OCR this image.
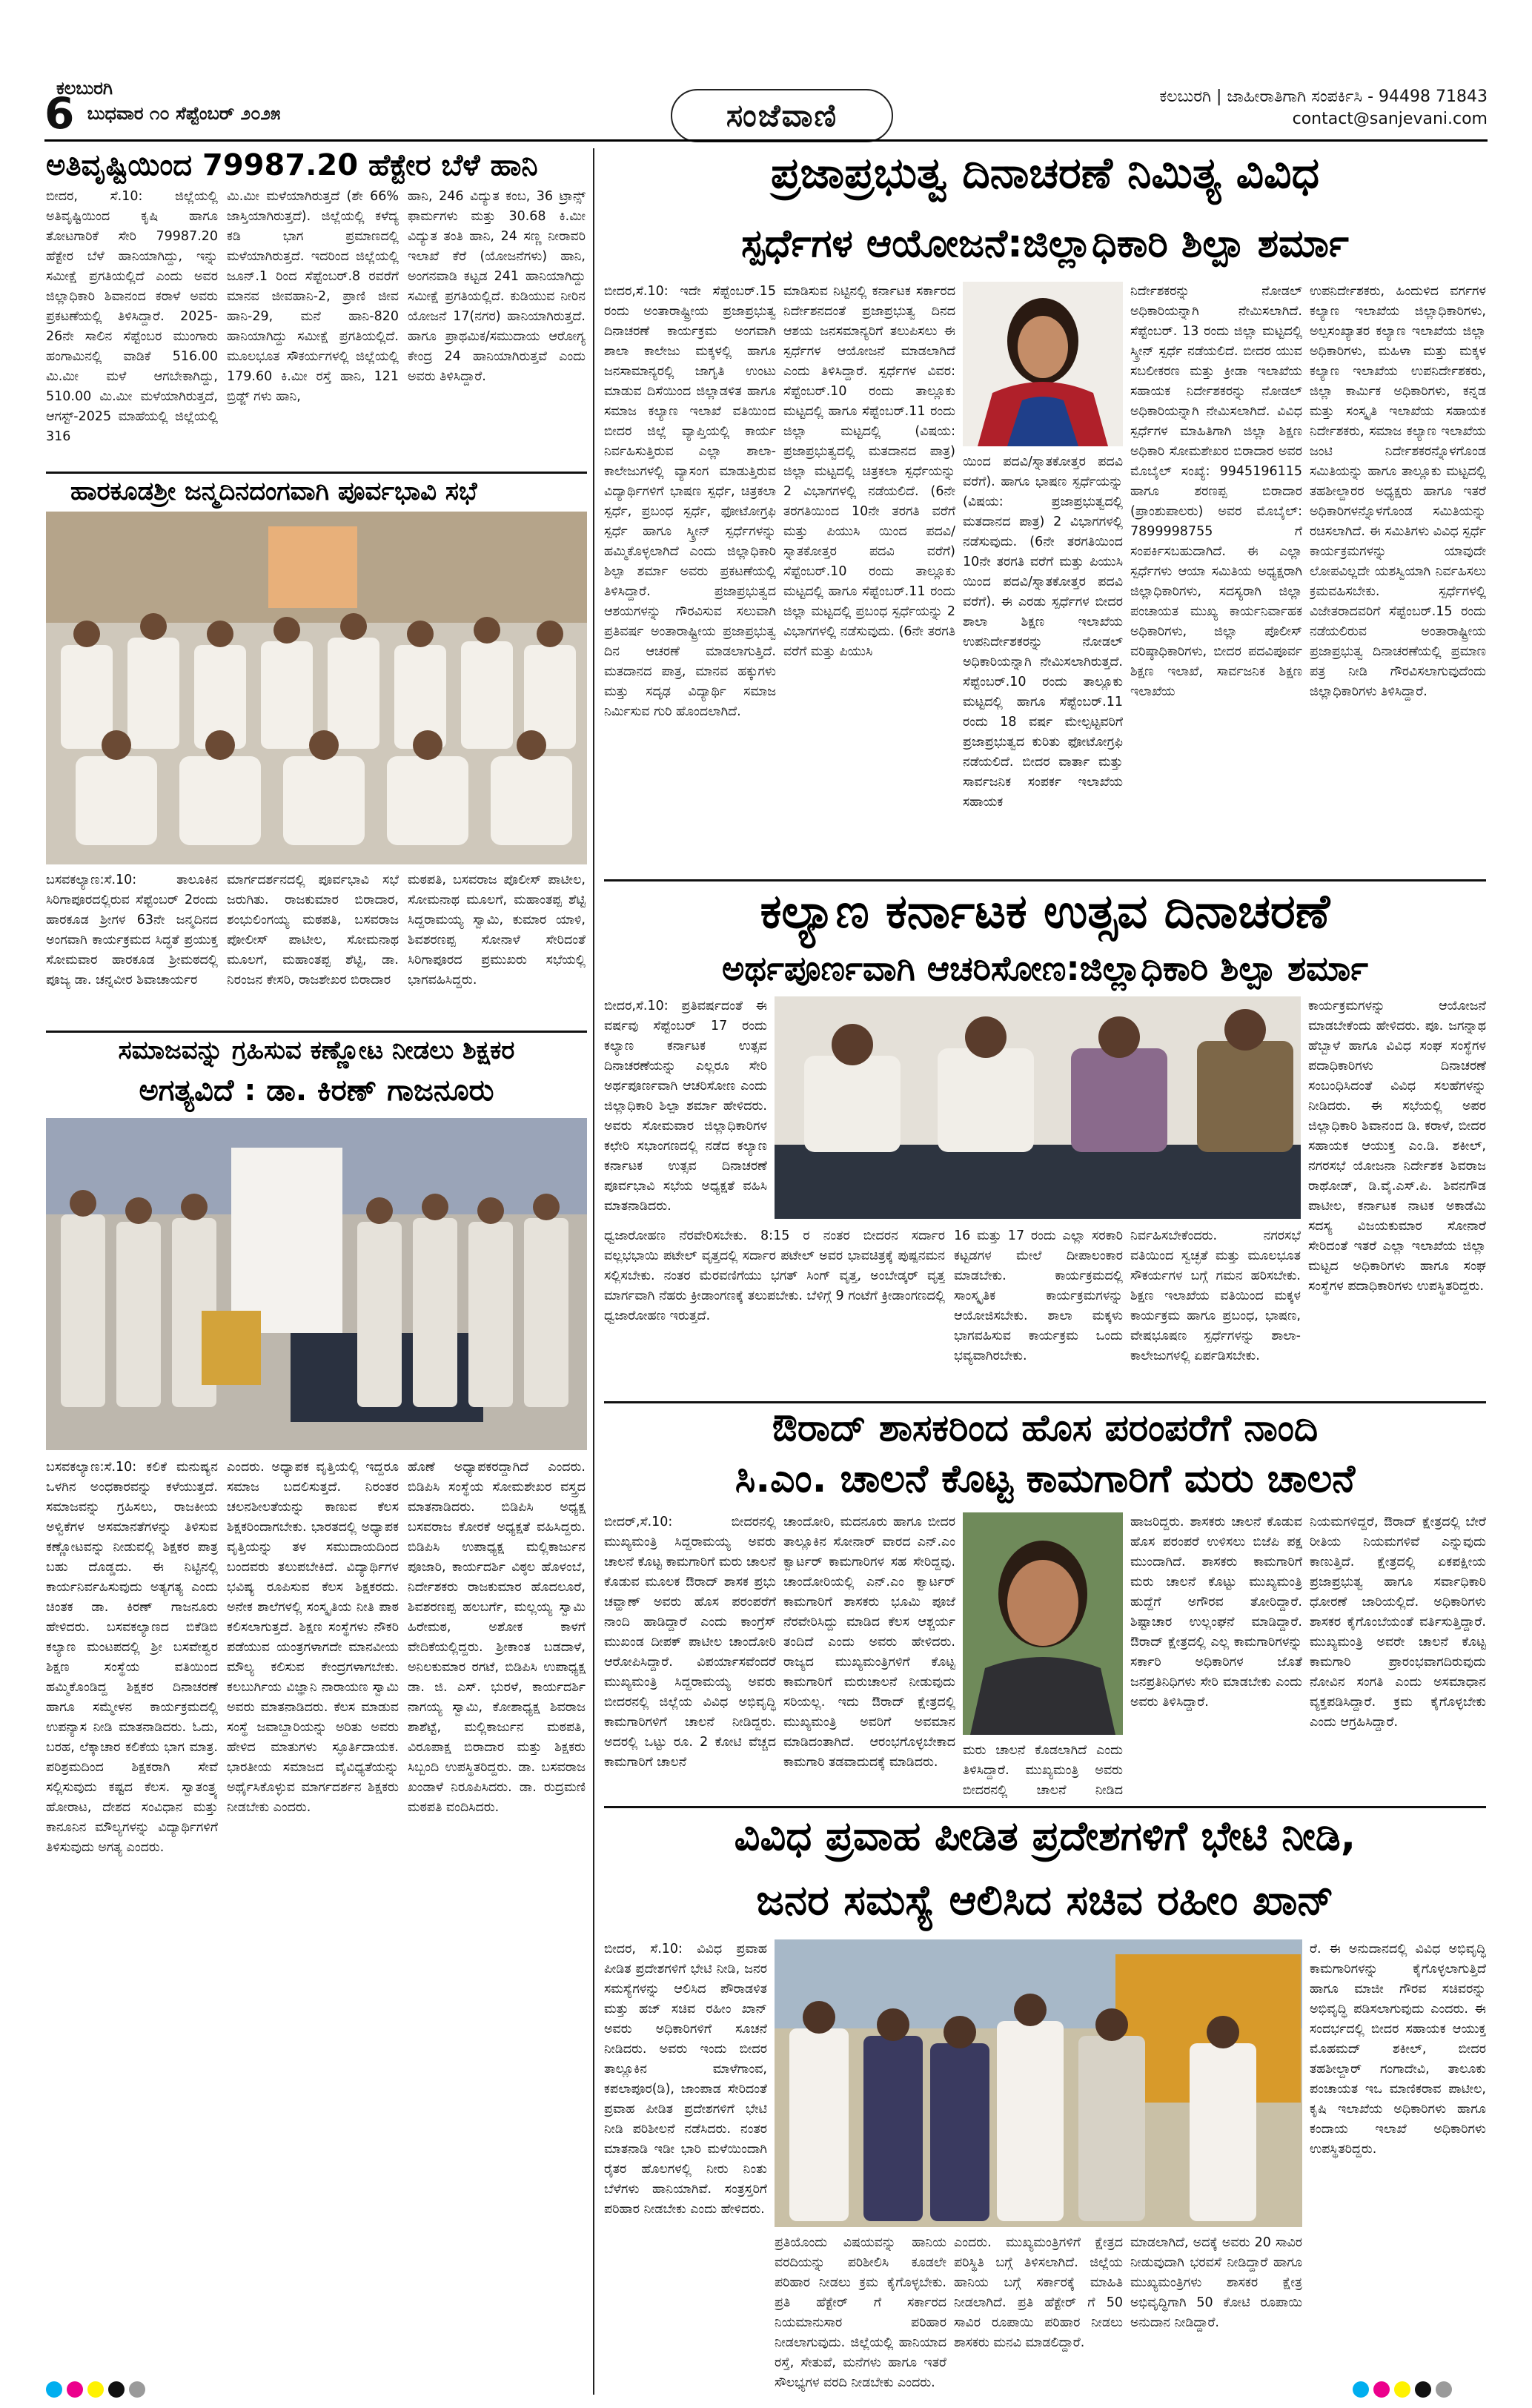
ಕಲಬುರಗಿ
6 ಬುಧವಾರ ೧೦ ಸೆಪ್ಟೆಂಬರ್ ೨೦೨೫	ಸಂಜೆವಾಣಿ
ಕಲಬುರಗಿ | ಜಾಹೀರಾತಿಗಾಗಿ ಸಂಪರ್ಕಿಸಿ - 94498 71843
contact@sanjevani.com
ಅತಿವೃಷ್ಟಿಯಿಂದ 79987.20 ಹೆಕ್ಟೇರ ಬೆಳೆ ಹಾನಿ
ಬೀದರ, ಸೆ.10: ಜಿಲ್ಲೆಯಲ್ಲಿ ಅತಿವೃಷ್ಟಿಯಿಂದ ಕೃಷಿ ಹಾಗೂ ತೋಟಗಾರಿಕೆ ಸೇರಿ 79987.20 ಹೆಕ್ಟೇರ ಬೆಳೆ ಹಾನಿಯಾಗಿದ್ದು, ಇನ್ನು ಸಮೀಕ್ಷೆ ಪ್ರಗತಿಯಲ್ಲಿದೆ ಎಂದು ಅವರ ಜಿಲ್ಲಾಧಿಕಾರಿ ಶಿವಾನಂದ ಕರಾಳೆ ಅವರು ಪ್ರಕಟಣೆಯಲ್ಲಿ ತಿಳಿಸಿದ್ದಾರೆ. 2025-26ನೇ ಸಾಲಿನ ಸೆಪ್ಟೆಂಬರ ಮುಂಗಾರು ಹಂಗಾಮಿನಲ್ಲಿ ವಾಡಿಕೆ 516.00 ಮಿ.ಮೀ ಮಳೆ ಆಗಬೇಕಾಗಿದ್ದು, 510.00 ಮಿ.ಮೀ ಮಳೆಯಾಗಿರುತ್ತದೆ, ಆಗಸ್ಟ್-2025 ಮಾಹೆಯಲ್ಲಿ ಜಿಲ್ಲೆಯಲ್ಲಿ 316
ಮಿ.ಮೀ ಮಳೆಯಾಗಿರುತ್ತದೆ (ಶೇ 66% ಜಾಸ್ತಿಯಾಗಿರುತ್ತದೆ). ಜಿಲ್ಲೆಯಲ್ಲಿ ಕಳೆದ್ಯ ಕಡಿ ಭಾಗ ಪ್ರಮಾಣದಲ್ಲಿ ಮಳೆಯಾಗಿರುತ್ತದೆ. ಇದರಿಂದ ಜಿಲ್ಲೆಯಲ್ಲಿ ಜೂನ್.1 ರಿಂದ ಸೆಪ್ಟೆಂಬರ್.8 ರವರೆಗೆ ಮಾನವ ಜೀವಹಾನಿ-2, ಪ್ರಾಣಿ ಜೀವ ಹಾನಿ-29, ಮನೆ ಹಾನಿ-820 ಹಾನಿಯಾಗಿದ್ದು ಸಮೀಕ್ಷೆ ಪ್ರಗತಿಯಲ್ಲಿದೆ. ಮೂಲಭೂತ ಸೌಕರ್ಯಗಳಲ್ಲಿ ಜಿಲ್ಲೆಯಲ್ಲಿ 179.60 ಕಿ.ಮೀ ರಸ್ತೆ ಹಾನಿ, 121 ಬ್ರಿಡ್ಜ್ ಗಳು ಹಾನಿ,
ಹಾನಿ, 246 ವಿದ್ಯುತ ಕಂಬ, 36 ಟ್ರಾನ್ಸ್ ಫಾರ್ಮಗಳು ಮತ್ತು 30.68 ಕಿ.ಮೀ ವಿದ್ಯುತ ತಂತಿ ಹಾನಿ, 24 ಸಣ್ಣ ನೀರಾವರಿ ಇಲಾಖೆ ಕೆರೆ (ಯೋಜನೆಗಳು) ಹಾನಿ, ಅಂಗನವಾಡಿ ಕಟ್ಟಡ 241 ಹಾನಿಯಾಗಿದ್ದು ಸಮೀಕ್ಷೆ ಪ್ರಗತಿಯಲ್ಲಿದೆ. ಕುಡಿಯುವ ನೀರಿನ ಯೋಜನೆ 17(ನಗರ) ಹಾನಿಯಾಗಿರುತ್ತದೆ. ಹಾಗೂ ಪ್ರಾಥಮಿಕ/ಸಮುದಾಯ ಆರೋಗ್ಯ ಕೇಂದ್ರ 24 ಹಾನಿಯಾಗಿರುತ್ತವೆ ಎಂದು ಅವರು ತಿಳಿಸಿದ್ದಾರೆ.
ಹಾರಕೂಡಶ್ರೀ ಜನ್ಮದಿನದಂಗವಾಗಿ ಪೂರ್ವಭಾವಿ ಸಭೆ
ಬಸವಕಲ್ಯಾಣ:ಸೆ.10: ತಾಲೂಕಿನ ಸಿರಿಗಾಪೂರದಲ್ಲಿರುವ ಸೆಪ್ಟೆಂಬರ್ 2ರಂದು ಹಾರಕೂಡ ಶ್ರೀಗಳ 63ನೇ ಜನ್ಮದಿನದ ಅಂಗವಾಗಿ ಕಾರ್ಯಕ್ರಮದ ಸಿದ್ಧತೆ ಪ್ರಯುಕ್ತ ಸೋಮವಾರ ಹಾರಕೂಡ ಶ್ರೀಮಠದಲ್ಲಿ ಪೂಜ್ಯ ಡಾ. ಚನ್ನವೀರ ಶಿವಾಚಾರ್ಯರ
ಮಾರ್ಗದರ್ಶನದಲ್ಲಿ ಪೂರ್ವಭಾವಿ ಸಭೆ ಜರುಗಿತು. ರಾಜಕುಮಾರ ಬಿರಾದಾರ, ಶಂಭುಲಿಂಗಯ್ಯ ಮಠಪತಿ, ಬಸವರಾಜ ಪೋಲೀಸ್ ಪಾಟೀಲ, ಸೋಮನಾಥ ಮೂಲಗೆ, ಮಹಾಂತಪ್ಪ ಶೆಟ್ಟಿ, ಡಾ. ನಿರಂಜನ ಕೇಸರಿ, ರಾಜಶೇಖರ ಬಿರಾದಾರ
ಮಠಪತಿ, ಬಸವರಾಜ ಪೊಲೀಸ್ ಪಾಟೀಲ, ಸೋಮನಾಥ ಮೂಲಗೆ, ಮಹಾಂತಪ್ಪ ಶೆಟ್ಟಿ ಸಿದ್ದರಾಮಯ್ಯ ಸ್ವಾಮಿ, ಕುಮಾರ ಯಾಳಿ, ಶಿವಶರಣಪ್ಪ ಸೋನಾಳೆ ಸೇರಿದಂತೆ ಸಿರಿಗಾಪೂರದ ಪ್ರಮುಖರು ಸಭೆಯಲ್ಲಿ ಭಾಗವಹಿಸಿದ್ದರು.
ಸಮಾಜವನ್ನು ಗ್ರಹಿಸುವ ಕಣ್ಣೋಟ ನೀಡಲು ಶಿಕ್ಷಕರ
ಅಗತ್ಯವಿದೆ : ಡಾ. ಕಿರಣ್ ಗಾಜನೂರು
ಬಸವಕಲ್ಯಾಣ:ಸೆ.10: ಕಲಿಕೆ ಮನುಷ್ಯನ ಒಳಗಿನ ಅಂಧಕಾರವನ್ನು ಕಳೆಯುತ್ತದೆ. ಸಮಾಜವನ್ನು ಗ್ರಹಿಸಲು, ರಾಜಕೀಯ ಅಳ್ವಿಕೆಗಳ ಅಸಮಾನತೆಗಳನ್ನು ತಿಳಿಸುವ ಕಣ್ಣೋಟವನ್ನು ನೀಡುವಲ್ಲಿ ಶಿಕ್ಷಕರ ಪಾತ್ರ ಬಹು ದೊಡ್ಡದು. ಈ ನಿಟ್ಟಿನಲ್ಲಿ ಕಾರ್ಯನಿರ್ವಹಿಸುವುದು ಅತ್ಯಗತ್ಯ ಎಂದು ಚಿಂತಕ ಡಾ. ಕಿರಣ್ ಗಾಜನೂರು ಹೇಳಿದರು. ಬಸವಕಲ್ಯಾಣದ ಬಿಕೆಡಿಬಿ ಕಲ್ಯಾಣ ಮಂಟಪದಲ್ಲಿ ಶ್ರೀ ಬಸವೇಶ್ವರ ಶಿಕ್ಷಣ ಸಂಸ್ಥೆಯ ವತಿಯಿಂದ ಹಮ್ಮಿಕೊಂಡಿದ್ದ ಶಿಕ್ಷಕರ ದಿನಾಚರಣೆ ಹಾಗೂ ಸಮ್ಮೇಳನ ಕಾರ್ಯಕ್ರಮದಲ್ಲಿ ಉಪನ್ಯಾಸ ನೀಡಿ ಮಾತನಾಡಿದರು. ಓದು, ಬರಹ, ಲೆಕ್ಕಾಚಾರ ಕಲಿಕೆಯ ಭಾಗ ಮಾತ್ರ. ಪರಿಶ್ರಮದಿಂದ ಶಿಕ್ಷಕರಾಗಿ ಸೇವೆ ಸಲ್ಲಿಸುವುದು ಕಷ್ಟದ ಕೆಲಸ. ಸ್ವಾತಂತ್ರ್ಯ ಹೋರಾಟ, ದೇಶದ ಸಂವಿಧಾನ ಮತ್ತು ಕಾನೂನಿನ ಮೌಲ್ಯಗಳನ್ನು ವಿದ್ಯಾರ್ಥಿಗಳಿಗೆ ತಿಳಿಸುವುದು ಅಗತ್ಯ ಎಂದರು.
ಎಂದರು. ಅಧ್ಯಾಪಕ ವೃತ್ತಿಯಲ್ಲಿ ಇದ್ದರೂ ಸಮಾಜ ಬದಲಿಸುತ್ತದೆ. ನಿರಂತರ ಚಲನಶೀಲತೆಯನ್ನು ಕಾಣುವ ಕೆಲಸ ಶಿಕ್ಷಕರಿಂದಾಗಬೇಕು. ಭಾರತದಲ್ಲಿ ಅಧ್ಯಾಪಕ ವೃತ್ತಿಯನ್ನು ತಳ ಸಮುದಾಯದಿಂದ ಬಂದವರು ತಲುಪಬೇಕಿದೆ. ವಿದ್ಯಾರ್ಥಿಗಳ ಭವಿಷ್ಯ ರೂಪಿಸುವ ಕೆಲಸ ಶಿಕ್ಷಕರದು. ಅನೇಕ ಶಾಲೆಗಳಲ್ಲಿ ಸಂಸ್ಕೃತಿಯ ನೀತಿ ಪಾಠ ಕಲಿಸಲಾಗುತ್ತದೆ. ಶಿಕ್ಷಣ ಸಂಸ್ಥೆಗಳು ನೌಕರಿ ಪಡೆಯುವ ಯಂತ್ರಗಳಾಗದೇ ಮಾನವೀಯ ಮೌಲ್ಯ ಕಲಿಸುವ ಕೇಂದ್ರಗಳಾಗಬೇಕು. ಕಲಬುರ್ಗಿಯ ವಿಜ್ಞಾನಿ ನಾರಾಯಣ ಸ್ವಾಮಿ ಅವರು ಮಾತನಾಡಿದರು. ಕೆಲಸ ಮಾಡುವ ಸಂಸ್ಥೆ ಜವಾಬ್ದಾರಿಯನ್ನು ಅರಿತು ಅವರು ಹೇಳಿದ ಮಾತುಗಳು ಸ್ಫೂರ್ತಿದಾಯಕ. ಭಾರತೀಯ ಸಮಾಜದ ವೈವಿಧ್ಯತೆಯನ್ನು ಅರ್ಥೈಸಿಕೊಳ್ಳುವ ಮಾರ್ಗದರ್ಶನ ಶಿಕ್ಷಕರು ನೀಡಬೇಕು ಎಂದರು.
ಹೊಣೆ ಅಧ್ಯಾಪಕರದ್ದಾಗಿದೆ ಎಂದರು. ಬಿಡಿಪಿಸಿ ಸಂಸ್ಥೆಯ ಸೋಮಶೇಖರ ವಸ್ತ್ರದ ಮಾತನಾಡಿದರು. ಬಿಡಿಪಿಸಿ ಅಧ್ಯಕ್ಷ ಬಸವರಾಜ ಕೋರಕೆ ಅಧ್ಯಕ್ಷತೆ ವಹಿಸಿದ್ದರು. ಬಿಡಿಪಿಸಿ ಉಪಾಧ್ಯಕ್ಷ ಮಲ್ಲಿಕಾರ್ಜುನ ಪೂಜಾರಿ, ಕಾರ್ಯದರ್ಶಿ ವಿಠ್ಠಲ ಹೊಳಂಬೆ, ನಿರ್ದೇಶಕರು ರಾಜಕುಮಾರ ಹೊದಲೂರೆ, ಶಿವಶರಣಪ್ಪ ಹಲಬರ್ಗೆ, ಮಲ್ಲಯ್ಯ ಸ್ವಾಮಿ ಹಿರೇಮಠ, ಅಶೋಕ ಕಾಳಗೆ ವೇದಿಕೆಯಲ್ಲಿದ್ದರು. ಶ್ರೀಕಾಂತ ಬಡದಾಳೆ, ಅನಿಲಕುಮಾರ ರಗಟೆ, ಬಿಡಿಪಿಸಿ ಉಪಾಧ್ಯಕ್ಷ ಡಾ. ಜಿ. ಎಸ್. ಭುರಳೆ, ಕಾರ್ಯದರ್ಶಿ ನಾಗಯ್ಯ ಸ್ವಾಮಿ, ಕೋಶಾಧ್ಯಕ್ಷ ಶಿವರಾಜ ಶಾಶೆಟ್ಟೆ, ಮಲ್ಲಿಕಾರ್ಜುನ ಮಠಪತಿ, ವಿರೂಪಾಕ್ಷ ಬಿರಾದಾರ ಮತ್ತು ಶಿಕ್ಷಕರು ಸಿಬ್ಬಂದಿ ಉಪಸ್ಥಿತರಿದ್ದರು. ಡಾ. ಬಸವರಾಜ ಖಂಡಾಳೆ ನಿರೂಪಿಸಿದರು. ಡಾ. ರುದ್ರಮಣಿ ಮಠಪತಿ ವಂದಿಸಿದರು.
ಪ್ರಜಾಪ್ರಭುತ್ವ ದಿನಾಚರಣೆ ನಿಮಿತ್ಯ ವಿವಿಧ
ಸ್ಪರ್ಧೆಗಳ ಆಯೋಜನೆ:ಜಿಲ್ಲಾಧಿಕಾರಿ ಶಿಲ್ಪಾ ಶರ್ಮಾ
ಬೀದರ,ಸೆ.10: ಇದೇ ಸೆಪ್ಟೆಂಬರ್.15 ರಂದು ಅಂತಾರಾಷ್ಟ್ರೀಯ ಪ್ರಜಾಪ್ರಭುತ್ವ ದಿನಾಚರಣೆ ಕಾರ್ಯಕ್ರಮ ಅಂಗವಾಗಿ ಶಾಲಾ ಕಾಲೇಜು ಮಕ್ಕಳಲ್ಲಿ ಹಾಗೂ ಜನಸಾಮಾನ್ಯರಲ್ಲಿ ಜಾಗೃತಿ ಉಂಟು ಮಾಡುವ ದಿಸೆಯಿಂದ ಜಿಲ್ಲಾಡಳಿತ ಹಾಗೂ ಸಮಾಜ ಕಲ್ಯಾಣ ಇಲಾಖೆ ವತಿಯಿಂದ ಬೀದರ ಜಿಲ್ಲೆ ವ್ಯಾಪ್ತಿಯಲ್ಲಿ ಕಾರ್ಯ ನಿರ್ವಹಿಸುತ್ತಿರುವ ಎಲ್ಲಾ ಶಾಲಾ-ಕಾಲೇಜುಗಳಲ್ಲಿ ವ್ಯಾಸಂಗ ಮಾಡುತ್ತಿರುವ ವಿದ್ಯಾರ್ಥಿಗಳಿಗೆ ಭಾಷಣ ಸ್ಪರ್ಧೆ, ಚಿತ್ರಕಲಾ ಸ್ಪರ್ಧೆ, ಪ್ರಬಂಧ ಸ್ಪರ್ಧೆ, ಫೋಟೋಗ್ರಫಿ ಸ್ಪರ್ಧೆ ಹಾಗೂ ಸ್ಕ್ರೀನ್ ಸ್ಪರ್ಧೆಗಳನ್ನು ಹಮ್ಮಿಕೊಳ್ಳಲಾಗಿದೆ ಎಂದು ಜಿಲ್ಲಾಧಿಕಾರಿ ಶಿಲ್ಪಾ ಶರ್ಮಾ ಅವರು ಪ್ರಕಟಣೆಯಲ್ಲಿ ತಿಳಿಸಿದ್ದಾರೆ. ಪ್ರಜಾಪ್ರಭುತ್ವದ ಆಶಯಗಳನ್ನು ಗೌರವಿಸುವ ಸಲುವಾಗಿ ಪ್ರತಿವರ್ಷ ಅಂತಾರಾಷ್ಟ್ರೀಯ ಪ್ರಜಾಪ್ರಭುತ್ವ ದಿನ ಆಚರಣೆ ಮಾಡಲಾಗುತ್ತಿದೆ. ಮತದಾನದ ಪಾತ್ರ, ಮಾನವ ಹಕ್ಕುಗಳು ಮತ್ತು ಸದೃಢ ವಿದ್ಯಾರ್ಥಿ ಸಮಾಜ ನಿರ್ಮಿಸುವ ಗುರಿ ಹೊಂದಲಾಗಿದೆ.
ಮಾಡಿಸುವ ನಿಟ್ಟಿನಲ್ಲಿ ಕರ್ನಾಟಕ ಸರ್ಕಾರದ ನಿರ್ದೇಶನದಂತೆ ಪ್ರಜಾಪ್ರಭುತ್ವ ದಿನದ ಆಶಯ ಜನಸಮಾನ್ಯರಿಗೆ ತಲುಪಿಸಲು ಈ ಸ್ಪರ್ಧೆಗಳ ಆಯೋಜನೆ ಮಾಡಲಾಗಿದೆ ಎಂದು ತಿಳಿಸಿದ್ದಾರೆ. ಸ್ಪರ್ಧೆಗಳ ವಿವರ: ಸೆಪ್ಟೆಂಬರ್.10 ರಂದು ತಾಲ್ಲೂಕು ಮಟ್ಟದಲ್ಲಿ ಹಾಗೂ ಸೆಪ್ಟೆಂಬರ್.11 ರಂದು ಜಿಲ್ಲಾ ಮಟ್ಟದಲ್ಲಿ (ವಿಷಯ: ಪ್ರಜಾಪ್ರಭುತ್ವದಲ್ಲಿ ಮತದಾನದ ಪಾತ್ರ) ಜಿಲ್ಲಾ ಮಟ್ಟದಲ್ಲಿ ಚಿತ್ರಕಲಾ ಸ್ಪರ್ಧೆಯನ್ನು 2 ವಿಭಾಗಗಳಲ್ಲಿ ನಡೆಯಲಿದೆ. (6ನೇ ತರಗತಿಯಿಂದ 10ನೇ ತರಗತಿ ವರೆಗೆ ಮತ್ತು ಪಿಯುಸಿ ಯಿಂದ ಪದವಿ/ಸ್ನಾತಕೋತ್ತರ ಪದವಿ ವರೆಗೆ) ಸೆಪ್ಟೆಂಬರ್.10 ರಂದು ತಾಲ್ಲೂಕು ಮಟ್ಟದಲ್ಲಿ ಹಾಗೂ ಸೆಪ್ಟೆಂಬರ್.11 ರಂದು ಜಿಲ್ಲಾ ಮಟ್ಟದಲ್ಲಿ ಪ್ರಬಂಧ ಸ್ಪರ್ಧೆಯನ್ನು 2 ವಿಭಾಗಗಳಲ್ಲಿ ನಡೆಸುವುದು. (6ನೇ ತರಗತಿ ವರೆಗೆ ಮತ್ತು ಪಿಯುಸಿ
ಯಿಂದ ಪದವಿ/ಸ್ನಾತಕೋತ್ತರ ಪದವಿ ವರೆಗೆ). ಹಾಗೂ ಭಾಷಣ ಸ್ಪರ್ಧೆಯನ್ನು (ವಿಷಯ: ಪ್ರಜಾಪ್ರಭುತ್ವದಲ್ಲಿ ಮತದಾನದ ಪಾತ್ರ) 2 ವಿಭಾಗಗಳಲ್ಲಿ ನಡೆಸುವುದು. (6ನೇ ತರಗತಿಯಿಂದ 10ನೇ ತರಗತಿ ವರೆಗೆ ಮತ್ತು ಪಿಯುಸಿ ಯಿಂದ ಪದವಿ/ಸ್ನಾತಕೋತ್ತರ ಪದವಿ ವರೆಗೆ). ಈ ಎರಡು ಸ್ಪರ್ಧೆಗಳ ಬೀದರ ಶಾಲಾ ಶಿಕ್ಷಣ ಇಲಾಖೆಯ ಉಪನಿರ್ದೇಶಕರನ್ನು ನೋಡಲ್ ಅಧಿಕಾರಿಯನ್ನಾಗಿ ನೇಮಿಸಲಾಗಿರುತ್ತದೆ. ಸೆಪ್ಟೆಂಬರ್.10 ರಂದು ತಾಲ್ಲೂಕು ಮಟ್ಟದಲ್ಲಿ ಹಾಗೂ ಸೆಪ್ಟೆಂಬರ್.11 ರಂದು 18 ವರ್ಷ ಮೇಲ್ಪಟ್ಟವರಿಗೆ ಪ್ರಜಾಪ್ರಭುತ್ವದ ಕುರಿತು ಫೋಟೋಗ್ರಫಿ ನಡೆಯಲಿದೆ. ಬೀದರ ವಾರ್ತಾ ಮತ್ತು ಸಾರ್ವಜನಿಕ ಸಂಪರ್ಕ ಇಲಾಖೆಯ ಸಹಾಯಕ
ನಿರ್ದೇಶಕರನ್ನು ನೋಡಲ್ ಅಧಿಕಾರಿಯನ್ನಾಗಿ ನೇಮಿಸಲಾಗಿದೆ. ಸೆಪ್ಟೆಂಬರ್. 13 ರಂದು ಜಿಲ್ಲಾ ಮಟ್ಟದಲ್ಲಿ ಸ್ಕ್ರೀನ್ ಸ್ಪರ್ಧೆ ನಡೆಯಲಿದೆ. ಬೀದರ ಯುವ ಸಬಲೀಕರಣ ಮತ್ತು ಕ್ರೀಡಾ ಇಲಾಖೆಯ ಸಹಾಯಕ ನಿರ್ದೇಶಕರನ್ನು ನೋಡಲ್ ಅಧಿಕಾರಿಯನ್ನಾಗಿ ನೇಮಿಸಲಾಗಿದೆ. ವಿವಿಧ ಸ್ಪರ್ಧೆಗಳ ಮಾಹಿತಿಗಾಗಿ ಜಿಲ್ಲಾ ಶಿಕ್ಷಣ ಅಧಿಕಾರಿ ಸೋಮಶೇಖರ ಬಿರಾದಾರ ಅವರ ಮೊಬೈಲ್ ಸಂಖ್ಯೆ: 9945196115 ಹಾಗೂ ಶರಣಪ್ಪ ಬಿರಾದಾರ (ಪ್ರಾಂಶುಪಾಲರು) ಅವರ ಮೊಬೈಲ್: 7899998755 ಗೆ ಸಂಪರ್ಕಿಸಬಹುದಾಗಿದೆ. ಈ ಎಲ್ಲಾ ಸ್ಪರ್ಧೆಗಳು ಆಯಾ ಸಮಿತಿಯ ಅಧ್ಯಕ್ಷರಾಗಿ ಜಿಲ್ಲಾಧಿಕಾರಿಗಳು, ಸದಸ್ಯರಾಗಿ ಜಿಲ್ಲಾ ಪಂಚಾಯತ ಮುಖ್ಯ ಕಾರ್ಯನಿರ್ವಾಹಕ ಅಧಿಕಾರಿಗಳು, ಜಿಲ್ಲಾ ಪೊಲೀಸ್ ವರಿಷ್ಠಾಧಿಕಾರಿಗಳು, ಬೀದರ ಪದವಿಪೂರ್ವ ಶಿಕ್ಷಣ ಇಲಾಖೆ, ಸಾರ್ವಜನಿಕ ಶಿಕ್ಷಣ ಇಲಾಖೆಯ
ಉಪನಿರ್ದೇಶಕರು, ಹಿಂದುಳಿದ ವರ್ಗಗಳ ಕಲ್ಯಾಣ ಇಲಾಖೆಯ ಜಿಲ್ಲಾಧಿಕಾರಿಗಳು, ಅಲ್ಪಸಂಖ್ಯಾತರ ಕಲ್ಯಾಣ ಇಲಾಖೆಯ ಜಿಲ್ಲಾ ಅಧಿಕಾರಿಗಳು, ಮಹಿಳಾ ಮತ್ತು ಮಕ್ಕಳ ಕಲ್ಯಾಣ ಇಲಾಖೆಯ ಉಪನಿರ್ದೇಶಕರು, ಜಿಲ್ಲಾ ಕಾರ್ಮಿಕ ಅಧಿಕಾರಿಗಳು, ಕನ್ನಡ ಮತ್ತು ಸಂಸ್ಕೃತಿ ಇಲಾಖೆಯ ಸಹಾಯಕ ನಿರ್ದೇಶಕರು, ಸಮಾಜ ಕಲ್ಯಾಣ ಇಲಾಖೆಯ ಜಂಟಿ ನಿರ್ದೇಶಕರನ್ನೊಳಗೊಂಡ ಸಮಿತಿಯನ್ನು ಹಾಗೂ ತಾಲ್ಲೂಕು ಮಟ್ಟದಲ್ಲಿ ತಹಶೀಲ್ದಾರರ ಅಧ್ಯಕ್ಷರು ಹಾಗೂ ಇತರೆ ಅಧಿಕಾರಿಗಳನ್ನೊಳಗೊಂಡ ಸಮಿತಿಯನ್ನು ರಚಿಸಲಾಗಿದೆ. ಈ ಸಮಿತಿಗಳು ವಿವಿಧ ಸ್ಪರ್ಧೆ ಕಾರ್ಯಕ್ರಮಗಳನ್ನು ಯಾವುದೇ ಲೋಪವಿಲ್ಲದೇ ಯಶಸ್ವಿಯಾಗಿ ನಿರ್ವಹಿಸಲು ಕ್ರಮವಹಿಸಬೇಕು. ಸ್ಪರ್ಧೆಗಳಲ್ಲಿ ವಿಜೇತರಾದವರಿಗೆ ಸೆಪ್ಟೆಂಬರ್.15 ರಂದು ನಡೆಯಲಿರುವ ಅಂತಾರಾಷ್ಟ್ರೀಯ ಪ್ರಜಾಪ್ರಭುತ್ವ ದಿನಾಚರಣೆಯಲ್ಲಿ ಪ್ರಮಾಣ ಪತ್ರ ನೀಡಿ ಗೌರವಿಸಲಾಗುವುದೆಂದು ಜಿಲ್ಲಾಧಿಕಾರಿಗಳು ತಿಳಿಸಿದ್ದಾರೆ.
ಕಲ್ಯಾಣ ಕರ್ನಾಟಕ ಉತ್ಸವ ದಿನಾಚರಣೆ
ಅರ್ಥಪೂರ್ಣವಾಗಿ ಆಚರಿಸೋಣ:ಜಿಲ್ಲಾಧಿಕಾರಿ ಶಿಲ್ಪಾ ಶರ್ಮಾ
ಬೀದರ,ಸೆ.10: ಪ್ರತಿವರ್ಷದಂತೆ ಈ ವರ್ಷವು ಸೆಪ್ಟೆಂಬರ್ 17 ರಂದು ಕಲ್ಯಾಣ ಕರ್ನಾಟಕ ಉತ್ಸವ ದಿನಾಚರಣೆಯನ್ನು ಎಲ್ಲರೂ ಸೇರಿ ಅರ್ಥಪೂರ್ಣವಾಗಿ ಆಚರಿಸೋಣ ಎಂದು ಜಿಲ್ಲಾಧಿಕಾರಿ ಶಿಲ್ಪಾ ಶರ್ಮಾ ಹೇಳಿದರು. ಅವರು ಸೋಮವಾರ ಜಿಲ್ಲಾಧಿಕಾರಿಗಳ ಕಛೇರಿ ಸಭಾಂಗಣದಲ್ಲಿ ನಡೆದ ಕಲ್ಯಾಣ ಕರ್ನಾಟಕ ಉತ್ಸವ ದಿನಾಚರಣೆ ಪೂರ್ವಭಾವಿ ಸಭೆಯ ಅಧ್ಯಕ್ಷತೆ ವಹಿಸಿ ಮಾತನಾಡಿದರು.
ಕಾರ್ಯಕ್ರಮಗಳನ್ನು ಆಯೋಜನೆ ಮಾಡಬೇಕೆಂದು ಹೇಳಿದರು. ಪೂ. ಜಗನ್ನಾಥ ಹೆಬ್ಬಾಳೆ ಹಾಗೂ ವಿವಿಧ ಸಂಘ ಸಂಸ್ಥೆಗಳ ಪದಾಧಿಕಾರಿಗಳು ದಿನಾಚರಣೆ ಸಂಬಂಧಿಸಿದಂತೆ ವಿವಿಧ ಸಲಹೆಗಳನ್ನು ನೀಡಿದರು. ಈ ಸಭೆಯಲ್ಲಿ ಅಪರ ಜಿಲ್ಲಾಧಿಕಾರಿ ಶಿವಾನಂದ ಡಿ. ಕರಾಳೆ, ಬೀದರ ಸಹಾಯಕ ಆಯುಕ್ತ ಎಂ.ಡಿ. ಶಕೀಲ್, ನಗರಸಭೆ ಯೋಜನಾ ನಿರ್ದೇಶಕ ಶಿವರಾಜ ರಾಥೋಡ್, ಡಿ.ವೈ.ಎಸ್.ಪಿ. ಶಿವನಗೌಡ ಪಾಟೀಲ, ಕರ್ನಾಟಕ ನಾಟಕ ಅಕಾಡೆಮಿ ಸದಸ್ಯ ವಿಜಯಕುಮಾರ ಸೋನಾರೆ ಸೇರಿದಂತೆ ಇತರೆ ಎಲ್ಲಾ ಇಲಾಖೆಯ ಜಿಲ್ಲಾ ಮಟ್ಟದ ಅಧಿಕಾರಿಗಳು ಹಾಗೂ ಸಂಘ ಸಂಸ್ಥೆಗಳ ಪದಾಧಿಕಾರಿಗಳು ಉಪಸ್ಥಿತರಿದ್ದರು.
ಧ್ವಜಾರೋಹಣ ನೆರವೇರಿಸಬೇಕು. 8:15 ರ ನಂತರ ಬೀದರನ ಸರ್ದಾರ ವಲ್ಲಭಭಾಯಿ ಪಟೇಲ್ ವೃತ್ತದಲ್ಲಿ ಸರ್ದಾರ ಪಟೇಲ್ ಅವರ ಭಾವಚಿತ್ರಕ್ಕೆ ಪುಷ್ಪನಮನ ಸಲ್ಲಿಸಬೇಕು. ನಂತರ ಮೆರವಣಿಗೆಯು ಭಗತ್ ಸಿಂಗ್ ವೃತ್ತ, ಅಂಬೇಡ್ಕರ್ ವೃತ್ತ ಮಾರ್ಗವಾಗಿ ನೆಹರು ಕ್ರೀಡಾಂಗಣಕ್ಕೆ ತಲುಪಬೇಕು. ಬೆಳಿಗ್ಗೆ 9 ಗಂಟೆಗೆ ಕ್ರೀಡಾಂಗಣದಲ್ಲಿ ಧ್ವಜಾರೋಹಣ ಇರುತ್ತದೆ.
16 ಮತ್ತು 17 ರಂದು ಎಲ್ಲಾ ಸರಕಾರಿ ಕಟ್ಟಡಗಳ ಮೇಲೆ ದೀಪಾಲಂಕಾರ ಮಾಡಬೇಕು. ಕಾರ್ಯಕ್ರಮದಲ್ಲಿ ಸಾಂಸ್ಕೃತಿಕ ಕಾರ್ಯಕ್ರಮಗಳನ್ನು ಆಯೋಜಿಸಬೇಕು. ಶಾಲಾ ಮಕ್ಕಳು ಭಾಗವಹಿಸುವ ಕಾರ್ಯಕ್ರಮ ಒಂದು ಭವ್ಯವಾಗಿರಬೇಕು.
ನಿರ್ವಹಿಸಬೇಕೆಂದರು. ನಗರಸಭೆ ವತಿಯಿಂದ ಸ್ವಚ್ಛತೆ ಮತ್ತು ಮೂಲಭೂತ ಸೌಕರ್ಯಗಳ ಬಗ್ಗೆ ಗಮನ ಹರಿಸಬೇಕು. ಶಿಕ್ಷಣ ಇಲಾಖೆಯ ವತಿಯಿಂದ ಮಕ್ಕಳ ಕಾರ್ಯಕ್ರಮ ಹಾಗೂ ಪ್ರಬಂಧ, ಭಾಷಣ, ವೇಷಭೂಷಣ ಸ್ಪರ್ಧೆಗಳನ್ನು ಶಾಲಾ-ಕಾಲೇಜುಗಳಲ್ಲಿ ಏರ್ಪಡಿಸಬೇಕು.
ಔರಾದ್ ಶಾಸಕರಿಂದ ಹೊಸ ಪರಂಪರೆಗೆ ನಾಂದಿ
ಸಿ.ಎಂ. ಚಾಲನೆ ಕೊಟ್ಟ ಕಾಮಗಾರಿಗೆ ಮರು ಚಾಲನೆ
ಬೀದರ್,ಸೆ.10: ಬೀದರನಲ್ಲಿ ಮುಖ್ಯಮಂತ್ರಿ ಸಿದ್ದರಾಮಯ್ಯ ಅವರು ಚಾಲನೆ ಕೊಟ್ಟ ಕಾಮಗಾರಿಗೆ ಮರು ಚಾಲನೆ ಕೊಡುವ ಮೂಲಕ ಔರಾದ್ ಶಾಸಕ ಪ್ರಭು ಚವ್ಹಾಣ್ ಅವರು ಹೊಸ ಪರಂಪರೆಗೆ ನಾಂದಿ ಹಾಡಿದ್ದಾರೆ ಎಂದು ಕಾಂಗ್ರೆಸ್ ಮುಖಂಡ ದೀಪಕ್ ಪಾಟೀಲ ಚಾಂದೋರಿ ಆರೋಪಿಸಿದ್ದಾರೆ. ವಿಪರ್ಯಾಸವೆಂದರೆ ಮುಖ್ಯಮಂತ್ರಿ ಸಿದ್ದರಾಮಯ್ಯ ಅವರು ಬೀದರನಲ್ಲಿ ಜಿಲ್ಲೆಯ ವಿವಿಧ ಅಭಿವೃದ್ಧಿ ಕಾಮಗಾರಿಗಳಿಗೆ ಚಾಲನೆ ನೀಡಿದ್ದರು. ಅದರಲ್ಲಿ ಒಟ್ಟು ರೂ. 2 ಕೋಟಿ ವೆಚ್ಚದ ಕಾಮಗಾರಿಗೆ ಚಾಲನೆ
ಚಾಂದೋರಿ, ಮದನೂರು ಹಾಗೂ ಬೀದರ ತಾಲ್ಲೂಕಿನ ಸೋನಾರ್ ವಾರದ ಎನ್.ಎಂ ಕ್ವಾರ್ಟರ್ ಕಾಮಗಾರಿಗಳ ಸಹ ಸೇರಿದ್ದವು. ಚಾಂದೋರಿಯಲ್ಲಿ ಎನ್.ಎಂ ಕ್ವಾರ್ಟರ್ ಕಾಮಗಾರಿಗೆ ಶಾಸಕರು ಭೂಮಿ ಪೂಜೆ ನೆರವೇರಿಸಿದ್ದು ಮಾಡಿದ ಕೆಲಸ ಆಶ್ಚರ್ಯ ತಂದಿದೆ ಎಂದು ಅವರು ಹೇಳಿದರು. ರಾಜ್ಯದ ಮುಖ್ಯಮಂತ್ರಿಗಳಿಗೆ ಕೊಟ್ಟ ಕಾಮಗಾರಿಗೆ ಮರುಚಾಲನೆ ನೀಡುವುದು ಸರಿಯಲ್ಲ. ಇದು ಔರಾದ್ ಕ್ಷೇತ್ರದಲ್ಲಿ ಮುಖ್ಯಮಂತ್ರಿ ಅವರಿಗೆ ಅವಮಾನ ಮಾಡಿದಂತಾಗಿದೆ. ಆರಂಭಗೊಳ್ಳಬೇಕಾದ ಕಾಮಗಾರಿ ತಡವಾದುದಕ್ಕೆ ಮಾಡಿದರು.
ಮರು ಚಾಲನೆ ಕೊಡಲಾಗಿದೆ ಎಂದು ತಿಳಿಸಿದ್ದಾರೆ. ಮುಖ್ಯಮಂತ್ರಿ ಅವರು ಬೀದರನಲ್ಲಿ ಚಾಲನೆ ನೀಡಿದ
ಹಾಜರಿದ್ದರು. ಶಾಸಕರು ಚಾಲನೆ ಕೊಡುವ ಹೊಸ ಪರಂಪರೆ ಉಳಿಸಲು ಬಿಜೆಪಿ ಪಕ್ಷ ಮುಂದಾಗಿದೆ. ಶಾಸಕರು ಕಾಮಗಾರಿಗೆ ಮರು ಚಾಲನೆ ಕೊಟ್ಟು ಮುಖ್ಯಮಂತ್ರಿ ಹುದ್ದೆಗೆ ಅಗೌರವ ತೋರಿದ್ದಾರೆ. ಶಿಷ್ಟಾಚಾರ ಉಲ್ಲಂಘನೆ ಮಾಡಿದ್ದಾರೆ. ಔರಾದ್ ಕ್ಷೇತ್ರದಲ್ಲಿ ಎಲ್ಲ ಕಾಮಗಾರಿಗಳನ್ನು ಸರ್ಕಾರಿ ಅಧಿಕಾರಿಗಳ ಜೊತೆ ಜನಪ್ರತಿನಿಧಿಗಳು ಸೇರಿ ಮಾಡಬೇಕು ಎಂದು ಅವರು ತಿಳಿಸಿದ್ದಾರೆ.
ನಿಯಮಗಳಿದ್ದರೆ, ಔರಾದ್ ಕ್ಷೇತ್ರದಲ್ಲಿ ಬೇರೆ ರೀತಿಯ ನಿಯಮಗಳಿವೆ ಎನ್ನುವುದು ಕಾಣುತ್ತಿದೆ. ಕ್ಷೇತ್ರದಲ್ಲಿ ಏಕಪಕ್ಷೀಯ ಪ್ರಜಾಪ್ರಭುತ್ವ ಹಾಗೂ ಸರ್ವಾಧಿಕಾರಿ ಧೋರಣೆ ಜಾರಿಯಲ್ಲಿದೆ. ಅಧಿಕಾರಿಗಳು ಶಾಸಕರ ಕೈಗೊಂಬೆಯಂತೆ ವರ್ತಿಸುತ್ತಿದ್ದಾರೆ. ಮುಖ್ಯಮಂತ್ರಿ ಅವರೇ ಚಾಲನೆ ಕೊಟ್ಟ ಕಾಮಗಾರಿ ಪ್ರಾರಂಭವಾಗದಿರುವುದು ನೋವಿನ ಸಂಗತಿ ಎಂದು ಅಸಮಾಧಾನ ವ್ಯಕ್ತಪಡಿಸಿದ್ದಾರೆ. ಕ್ರಮ ಕೈಗೊಳ್ಳಬೇಕು ಎಂದು ಆಗ್ರಹಿಸಿದ್ದಾರೆ.
ವಿವಿಧ ಪ್ರವಾಹ ಪೀಡಿತ ಪ್ರದೇಶಗಳಿಗೆ ಭೇಟಿ ನೀಡಿ,
ಜನರ ಸಮಸ್ಯೆ ಆಲಿಸಿದ ಸಚಿವ ರಹೀಂ ಖಾನ್
ಬೀದರ, ಸೆ.10: ವಿವಿಧ ಪ್ರವಾಹ ಪೀಡಿತ ಪ್ರದೇಶಗಳಿಗೆ ಭೇಟಿ ನೀಡಿ, ಜನರ ಸಮಸ್ಯೆಗಳನ್ನು ಆಲಿಸಿದ ಪೌರಾಡಳಿತ ಮತ್ತು ಹಜ್ ಸಚಿವ ರಹೀಂ ಖಾನ್ ಅವರು ಅಧಿಕಾರಿಗಳಿಗೆ ಸೂಚನೆ ನೀಡಿದರು. ಅವರು ಇಂದು ಬೀದರ ತಾಲ್ಲೂಕಿನ ಮಾಳೆಗಾಂವ, ಕಪಲಾಪೂರ(ಡಿ), ಜಾಂಪಾಡ ಸೇರಿದಂತೆ ಪ್ರವಾಹ ಪೀಡಿತ ಪ್ರದೇಶಗಳಿಗೆ ಭೇಟಿ ನೀಡಿ ಪರಿಶೀಲನೆ ನಡೆಸಿದರು. ನಂತರ ಮಾತನಾಡಿ ಇಡೀ ಭಾರಿ ಮಳೆಯಿಂದಾಗಿ ರೈತರ ಹೊಲಗಳಲ್ಲಿ ನೀರು ನಿಂತು ಬೆಳೆಗಳು ಹಾನಿಯಾಗಿವೆ. ಸಂತ್ರಸ್ತರಿಗೆ ಪರಿಹಾರ ನೀಡಬೇಕು ಎಂದು ಹೇಳಿದರು.
ಪ್ರತಿಯೊಂದು ವಿಷಯವನ್ನು ಹಾನಿಯ ವರದಿಯನ್ನು ಪರಿಶೀಲಿಸಿ ಕೂಡಲೇ ಪರಿಹಾರ ನೀಡಲು ಕ್ರಮ ಕೈಗೊಳ್ಳಬೇಕು. ಪ್ರತಿ ಹೆಕ್ಟೇರ್ ಗೆ ಸರ್ಕಾರದ ನಿಯಮಾನುಸಾರ ಪರಿಹಾರ ನೀಡಲಾಗುವುದು. ಜಿಲ್ಲೆಯಲ್ಲಿ ಹಾನಿಯಾದ ರಸ್ತೆ, ಸೇತುವೆ, ಮನೆಗಳು ಹಾಗೂ ಇತರೆ ಸೌಲಭ್ಯಗಳ ವರದಿ ನೀಡಬೇಕು ಎಂದರು.
ಎಂದರು. ಮುಖ್ಯಮಂತ್ರಿಗಳಿಗೆ ಕ್ಷೇತ್ರದ ಪರಿಸ್ಥಿತಿ ಬಗ್ಗೆ ತಿಳಿಸಲಾಗಿದೆ. ಜಿಲ್ಲೆಯ ಹಾನಿಯ ಬಗ್ಗೆ ಸರ್ಕಾರಕ್ಕೆ ಮಾಹಿತಿ ನೀಡಲಾಗಿದೆ. ಪ್ರತಿ ಹೆಕ್ಟೇರ್ ಗೆ 50 ಸಾವಿರ ರೂಪಾಯಿ ಪರಿಹಾರ ನೀಡಲು ಶಾಸಕರು ಮನವಿ ಮಾಡಲಿದ್ದಾರೆ.
ಮಾಡಲಾಗಿದೆ, ಅದಕ್ಕೆ ಅವರು 20 ಸಾವಿರ ನೀಡುವುದಾಗಿ ಭರವಸೆ ನೀಡಿದ್ದಾರೆ ಹಾಗೂ ಮುಖ್ಯಮಂತ್ರಿಗಳು ಶಾಸಕರ ಕ್ಷೇತ್ರ ಅಭಿವೃದ್ಧಿಗಾಗಿ 50 ಕೋಟಿ ರೂಪಾಯಿ ಅನುದಾನ ನೀಡಿದ್ದಾರೆ.
ರೆ. ಈ ಅನುದಾನದಲ್ಲಿ ವಿವಿಧ ಅಭಿವೃದ್ಧಿ ಕಾಮಗಾರಿಗಳನ್ನು ಕೈಗೊಳ್ಳಲಾಗುತ್ತಿದೆ ಹಾಗೂ ಮಾಜೀ ಗೌರವ ಸಚಿವರನ್ನು ಅಭಿವೃದ್ಧಿ ಪಡಿಸಲಾಗುವುದು ಎಂದರು. ಈ ಸಂದರ್ಭದಲ್ಲಿ ಬೀದರ ಸಹಾಯಕ ಆಯುಕ್ತ ಮೊಹಮದ್ ಶಕೀಲ್, ಬೀದರ ತಹಶೀಲ್ದಾರ್ ಗಂಗಾದೇವಿ, ತಾಲೂಕು ಪಂಚಾಯತ ಇಒ ಮಾಣಿಕರಾವ ಪಾಟೀಲ, ಕೃಷಿ ಇಲಾಖೆಯ ಅಧಿಕಾರಿಗಳು ಹಾಗೂ ಕಂದಾಯ ಇಲಾಖೆ ಅಧಿಕಾರಿಗಳು ಉಪಸ್ಥಿತರಿದ್ದರು.
